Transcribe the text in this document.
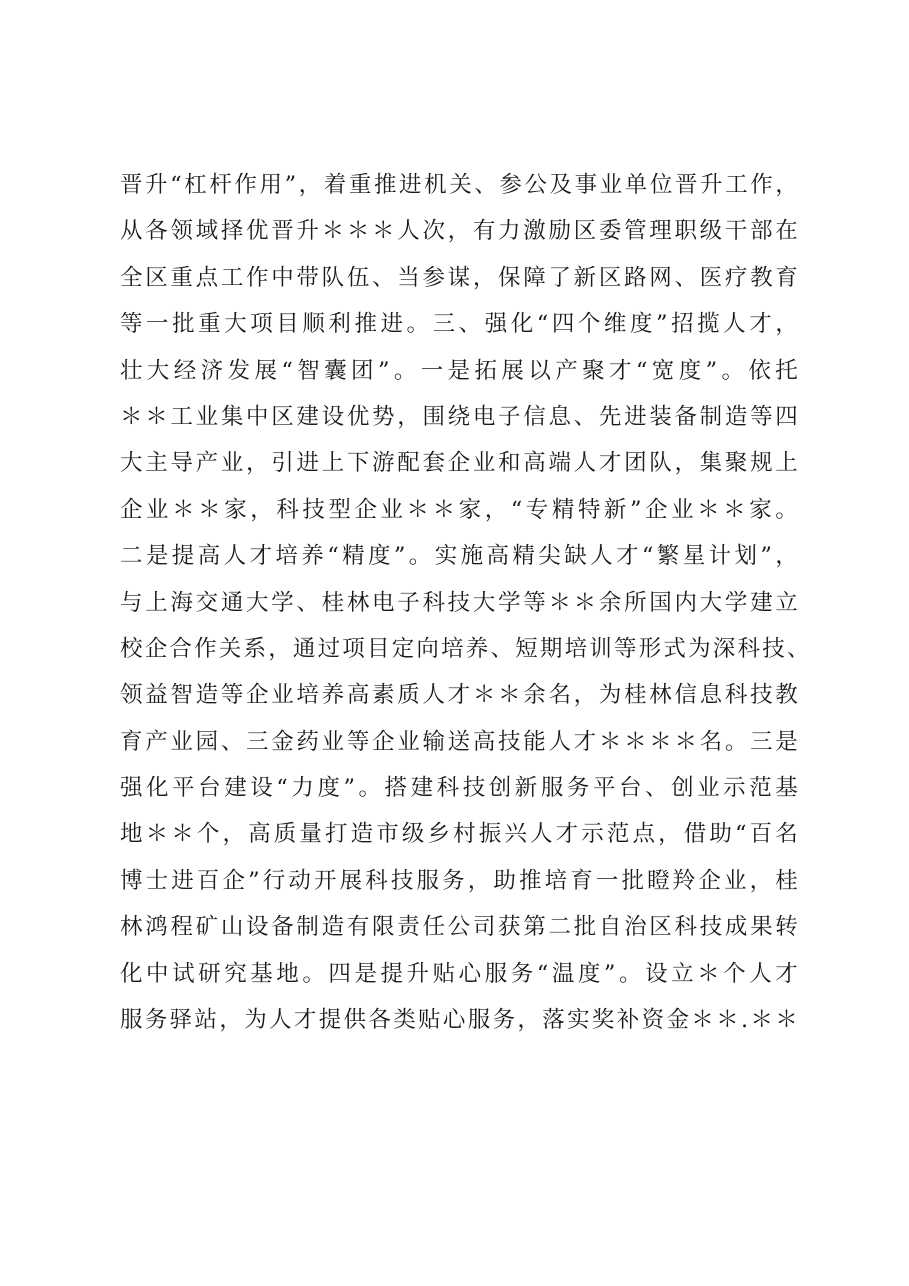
晋升“杠杆作用”，着重推进机关、参公及事业单位晋升工作，
从各领域择优晋升＊＊＊人次，有力激励区委管理职级干部在
全区重点工作中带队伍、当参谋，保障了新区路网、医疗教育
等一批重大项目顺利推进。三、强化“四个维度”招揽人才，
壮大经济发展“智囊团”。一是拓展以产聚才“宽度”。依托
＊＊工业集中区建设优势，围绕电子信息、先进装备制造等四
大主导产业，引进上下游配套企业和高端人才团队，集聚规上
企业＊＊家，科技型企业＊＊家，“专精特新”企业＊＊家。
二是提高人才培养“精度”。实施高精尖缺人才“繁星计划”，
与上海交通大学、桂林电子科技大学等＊＊余所国内大学建立
校企合作关系，通过项目定向培养、短期培训等形式为深科技、
领益智造等企业培养高素质人才＊＊余名，为桂林信息科技教
育产业园、三金药业等企业输送高技能人才＊＊＊＊名。三是
强化平台建设“力度”。搭建科技创新服务平台、创业示范基
地＊＊个，高质量打造市级乡村振兴人才示范点，借助“百名
博士进百企”行动开展科技服务，助推培育一批瞪羚企业，桂
林鸿程矿山设备制造有限责任公司获第二批自治区科技成果转
化中试研究基地。四是提升贴心服务“温度”。设立＊个人才
服务驿站，为人才提供各类贴心服务，落实奖补资金＊＊.＊＊
